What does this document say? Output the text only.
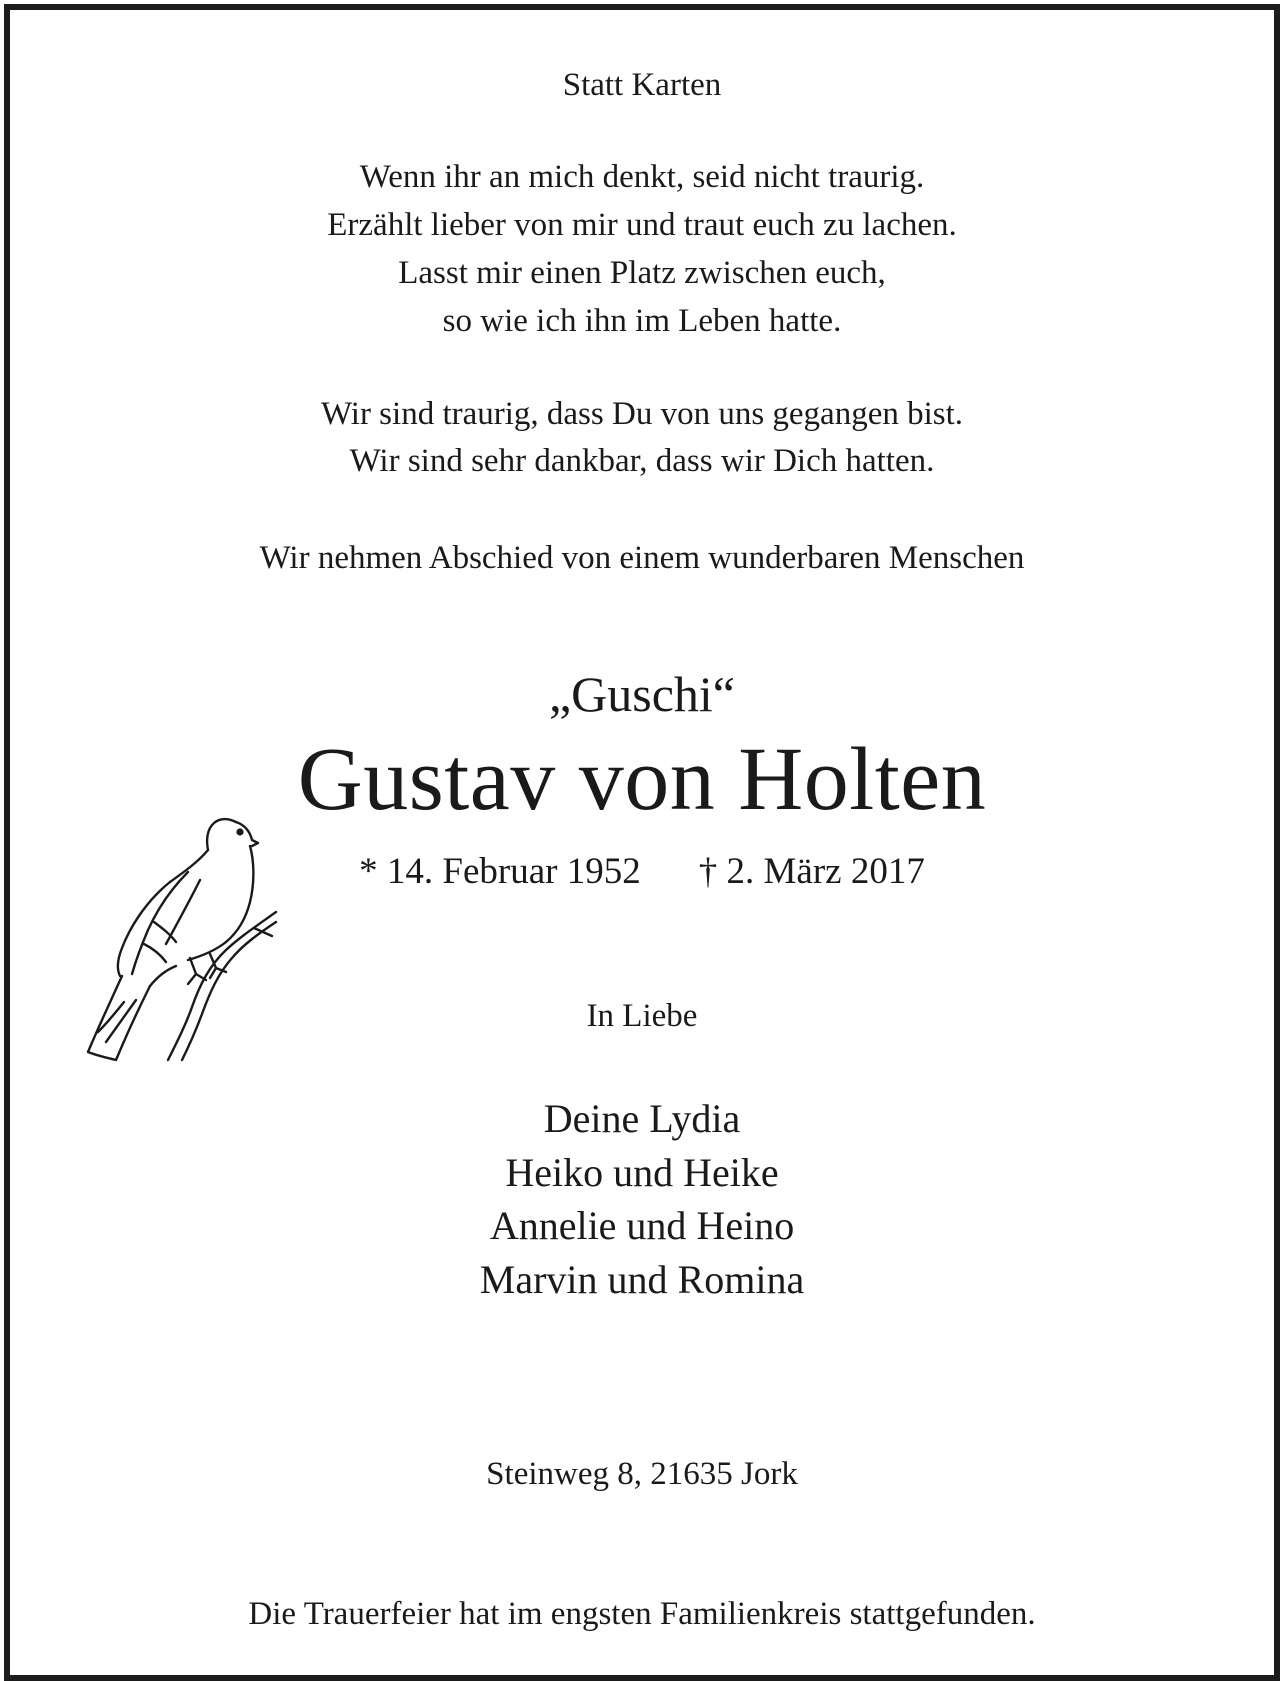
Statt Karten

Wenn ihr an mich denkt, seid nicht traurig.

Erzählt lieber von mir und traut euch zu lachen.

Lasst mir einen Platz zwischen euch,

so wie ich ihn im Leben hatte.

Wir sind traurig, dass Du von uns gegangen bist.

Wir sind sehr dankbar, dass wir Dich hatten.

Wir nehmen Abschied von einem wunderbaren Menschen

„Guschi“

Gustav von Holten

* 14. Februar 1952 † 2. März 2017

In Liebe

Deine Lydia

Heiko und Heike

Annelie und Heino

Marvin und Romina

Steinweg 8, 21635 Jork

Die Trauerfeier hat im engsten Familienkreis stattgefunden.
